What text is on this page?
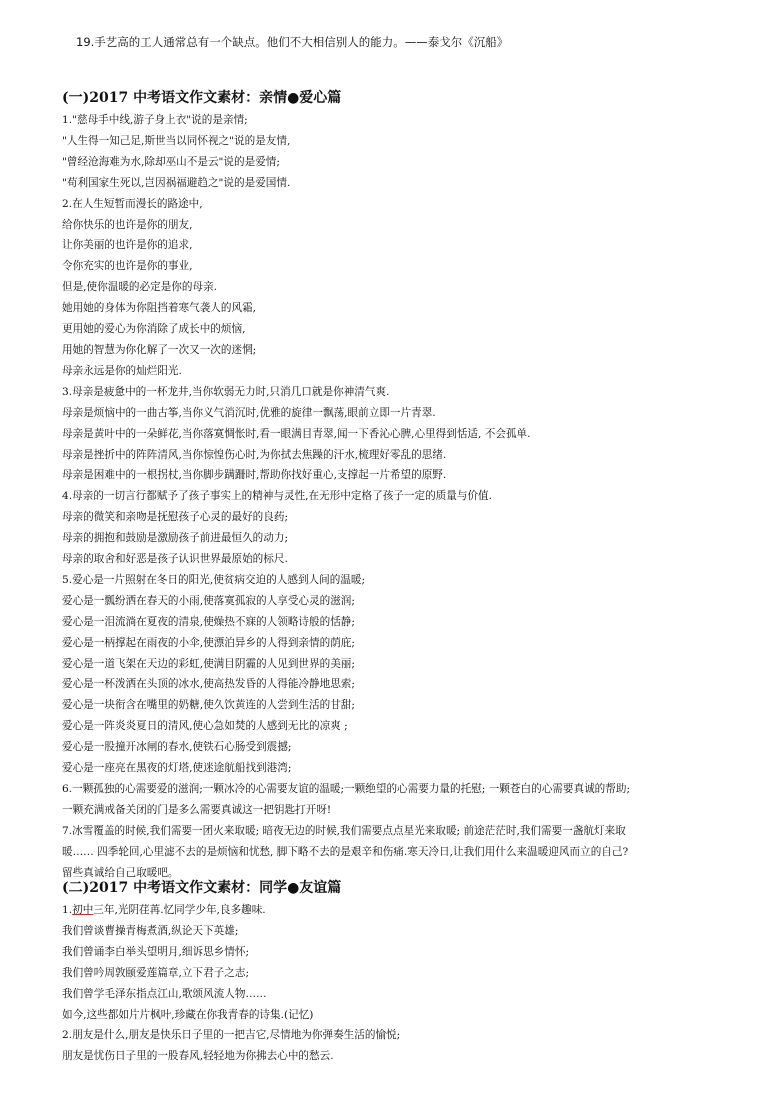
19.手艺高的工人通常总有一个缺点。他们不大相信别人的能力。——泰戈尔《沉船》
(一)2017 中考语文作文素材：亲情●爱心篇

1."慈母手中线,游子身上衣"说的是亲情;

"人生得一知己足,斯世当以同怀视之"说的是友情,

"曾经沧海难为水,除却巫山不是云"说的是爱情;

"苟利国家生死以,岂因祸福避趋之"说的是爱国情.

2.在人生短暂而漫长的路途中,

给你快乐的也许是你的朋友,

让你美丽的也许是你的追求,

令你充实的也许是你的事业,

但是,使你温暖的必定是你的母亲.

她用她的身体为你阻挡着寒气袭人的风霜,

更用她的爱心为你消除了成长中的烦恼,

用她的智慧为你化解了一次又一次的迷惘;

母亲永远是你的灿烂阳光.

3.母亲是疲惫中的一杯龙井,当你软弱无力时,只消几口就是你神清气爽.

母亲是烦恼中的一曲古筝,当你义气消沉时,优雅的旋律一飘荡,眼前立即一片青翠.

母亲是黄叶中的一朵鲜花,当你落寞惆怅时,看一眼满目青翠,闻一下香沁心脾,心里得到恬适, 不会孤单.

母亲是挫折中的阵阵清风,当你惊惶伤心时,为你拭去焦躁的汗水,梳理好零乱的思绪.

母亲是困难中的一根拐杖,当你脚步蹒跚时,帮助你找好重心,支撑起一片希望的原野.

4.母亲的一切言行都赋予了孩子事实上的精神与灵性,在无形中定格了孩子一定的质量与价值.

母亲的微笑和亲吻是抚慰孩子心灵的最好的良药;

母亲的拥抱和鼓励是激励孩子前进最恒久的动力;

母亲的取舍和好恶是孩子认识世界最原始的标尺.

5.爱心是一片照射在冬日的阳光,使贫病交迫的人感到人间的温暖;

爱心是一瓢纷洒在春天的小雨,使落寞孤寂的人享受心灵的滋润;

爱心是一泪流淌在夏夜的清泉,使燥热不寐的人领略诗般的恬静;

爱心是一柄撑起在雨夜的小伞,使漂泊异乡的人得到亲情的荫庇;

爱心是一道飞架在天边的彩虹,使满目阴霾的人见到世界的美丽;

爱心是一杯泼洒在头顶的冰水,使高热发昏的人得能冷静地思索;

爱心是一块衔含在嘴里的奶糖,使久饮黄连的人尝到生活的甘甜;

爱心是一阵炎炎夏日的清风,使心急如焚的人感到无比的凉爽 ;

爱心是一股撞开冰闸的春水,使铁石心肠受到震撼;

爱心是一座亮在黑夜的灯塔,使迷途航船找到港湾;

6.一颗孤独的心需要爱的滋润;一颗冰冷的心需要友谊的温暖;一颗绝望的心需要力量的托慰; 一颗苍白的心需要真诚的帮助;

一颗充满戒备关闭的门是多么需要真诚这一把钥匙打开呀!

7.冰雪覆盖的时候,我们需要一团火来取暖; 暗夜无边的时候,我们需要点点星光来取暖; 前途茫茫时,我们需要一盏航灯来取

暖…… 四季轮回,心里滤不去的是烦恼和忧愁, 脚下略不去的是艰辛和伤痛.寒天冷日,让我们用什么来温暖迎风而立的自己?

留些真诚给自己取暖吧。

(二)2017 中考语文作文素材：同学●友谊篇

1.初中三年,光阴荏苒.忆同学少年,良多趣味.

我们曾谈曹操青梅煮酒,纵论天下英雄;

我们曾诵李白举头望明月,细诉思乡情怀;

我们曾吟周敦颐爱莲篇章,立下君子之志;

我们曾学毛泽东指点江山,歌颂风流人物……

如今,这些都如片片枫叶,珍藏在你我青春的诗集.(记忆)

2.朋友是什么,朋友是快乐日子里的一把吉它,尽情地为你弹奏生活的愉悦;

朋友是忧伤日子里的一股春风,轻轻地为你拂去心中的愁云.
